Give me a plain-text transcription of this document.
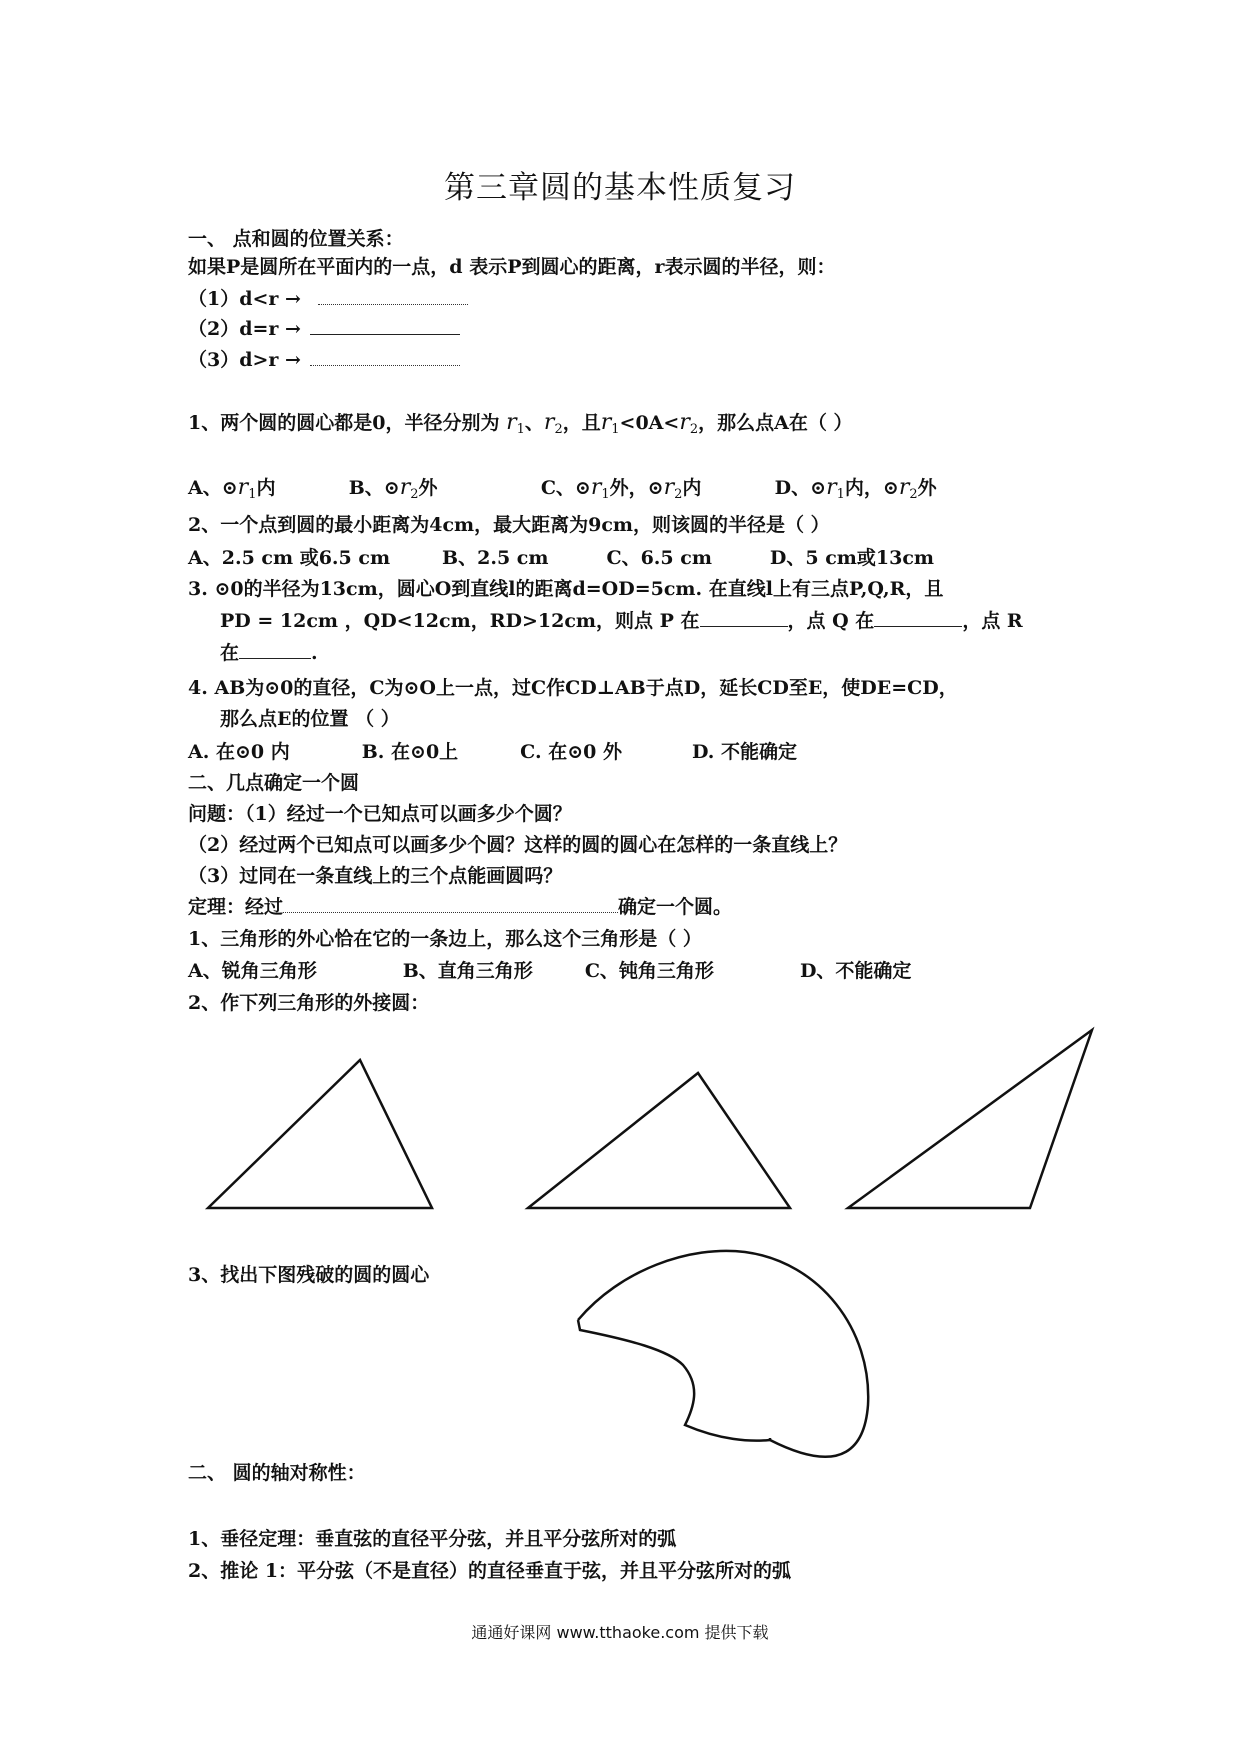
第三章圆的基本性质复习
一、 点和圆的位置关系：
如果P是圆所在平面内的一点，d 表示P到圆心的距离，r表示圆的半径，则：
（1）d<r →
（2）d=r →
（3）d>r →
1、两个圆的圆心都是0，半径分别为 $r_1$、$r_2$，且$r_1<0A<r_2$，那么点A在（ ）
A、$⊙r_1$内	B、$⊙r_2$外	C、$⊙r_1$外，$⊙r_2$内	D、$⊙r_1$内，$⊙r_2$外
2、一个点到圆的最小距离为4cm，最大距离为9cm，则该圆的半径是（ ）
A、2.5 cm 或6.5 cm	B、2.5 cm	C、6.5 cm	D、5 cm或13cm
3. ⊙0的半径为13cm，圆心O到直线l的距离d=OD=5cm. 在直线l上有三点P,Q,R，且
PD = 12cm ，QD<12cm，RD>12cm，则点 P 在	，点 Q 在	，点 R
在	.
4. AB为⊙0的直径，C为⊙O上一点，过C作CD⊥AB于点D，延长CD至E，使DE=CD，
那么点E的位置 （ ）
A. 在⊙0 内	B. 在⊙0上	C. 在⊙0 外	D. 不能确定
二、几点确定一个圆
问题：（1）经过一个已知点可以画多少个圆？
（2）经过两个已知点可以画多少个圆？这样的圆的圆心在怎样的一条直线上？
（3）过同在一条直线上的三个点能画圆吗？
定理：经过	确定一个圆。
1、三角形的外心恰在它的一条边上，那么这个三角形是（ ）
A、锐角三角形	B、直角三角形	C、钝角三角形	D、不能确定
2、作下列三角形的外接圆：
3、找出下图残破的圆的圆心
二、 圆的轴对称性：
1、垂径定理：垂直弦的直径平分弦，并且平分弦所对的弧
2、推论 1：平分弦（不是直径）的直径垂直于弦，并且平分弦所对的弧
通通好课网 www.tthaoke.com 提供下载
